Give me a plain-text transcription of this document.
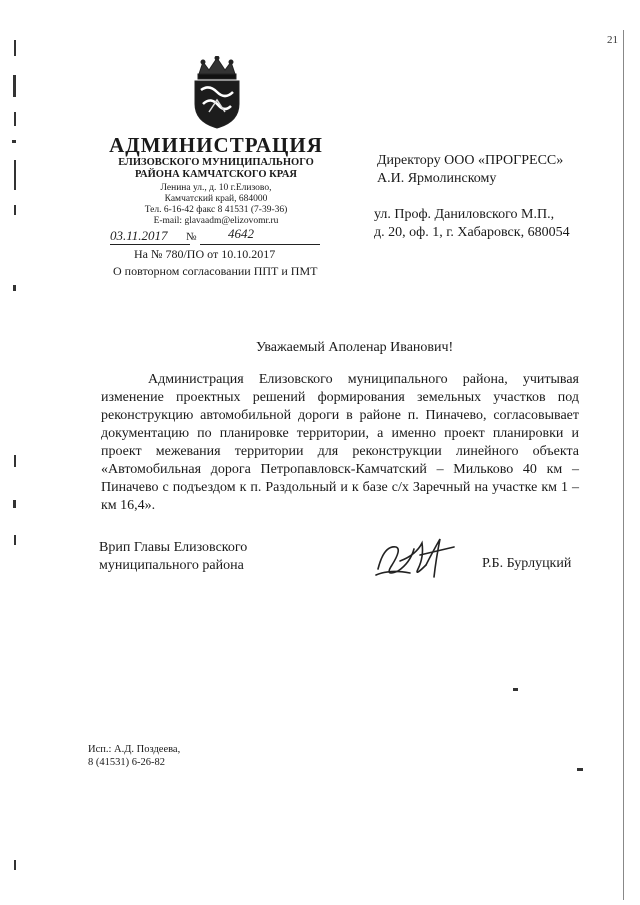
21
АДМИНИСТРАЦИЯ
ЕЛИЗОВСКОГО МУНИЦИПАЛЬНОГО
РАЙОНА КАМЧАТСКОГО КРАЯ
Ленина ул., д. 10 г.Елизово,
Камчатский край, 684000
Тел. 6-16-42 факс 8 41531 (7-39-36)
E-mail: glavaadm@elizovomr.ru
03.11.2017 № 4642
На № 780/ПО от 10.10.2017
О повторном согласовании ППТ и ПМТ
Директору ООО «ПРОГРЕСС»
А.И. Ярмолинскому
ул. Проф. Даниловского М.П.,
д. 20, оф. 1, г. Хабаровск, 680054
Уважаемый Аполенар Иванович!
Администрация Елизовского муниципального района, учитывая изменение проектных решений формирования земельных участков под реконструкцию автомобильной дороги в районе п. Пиначево, согласовывает документацию по планировке территории, а именно проект планировки и проект межевания территории для реконструкции линейного объекта «Автомобильная дорога Петропавловск-Камчатский – Мильково 40 км – Пиначево с подъездом к п. Раздольный и к базе с/х Заречный на участке км 1 – км 16,4».
Врип Главы Елизовского
муниципального района	Р.Б. Бурлуцкий
Исп.: А.Д. Поздеева,
8 (41531) 6-26-82
